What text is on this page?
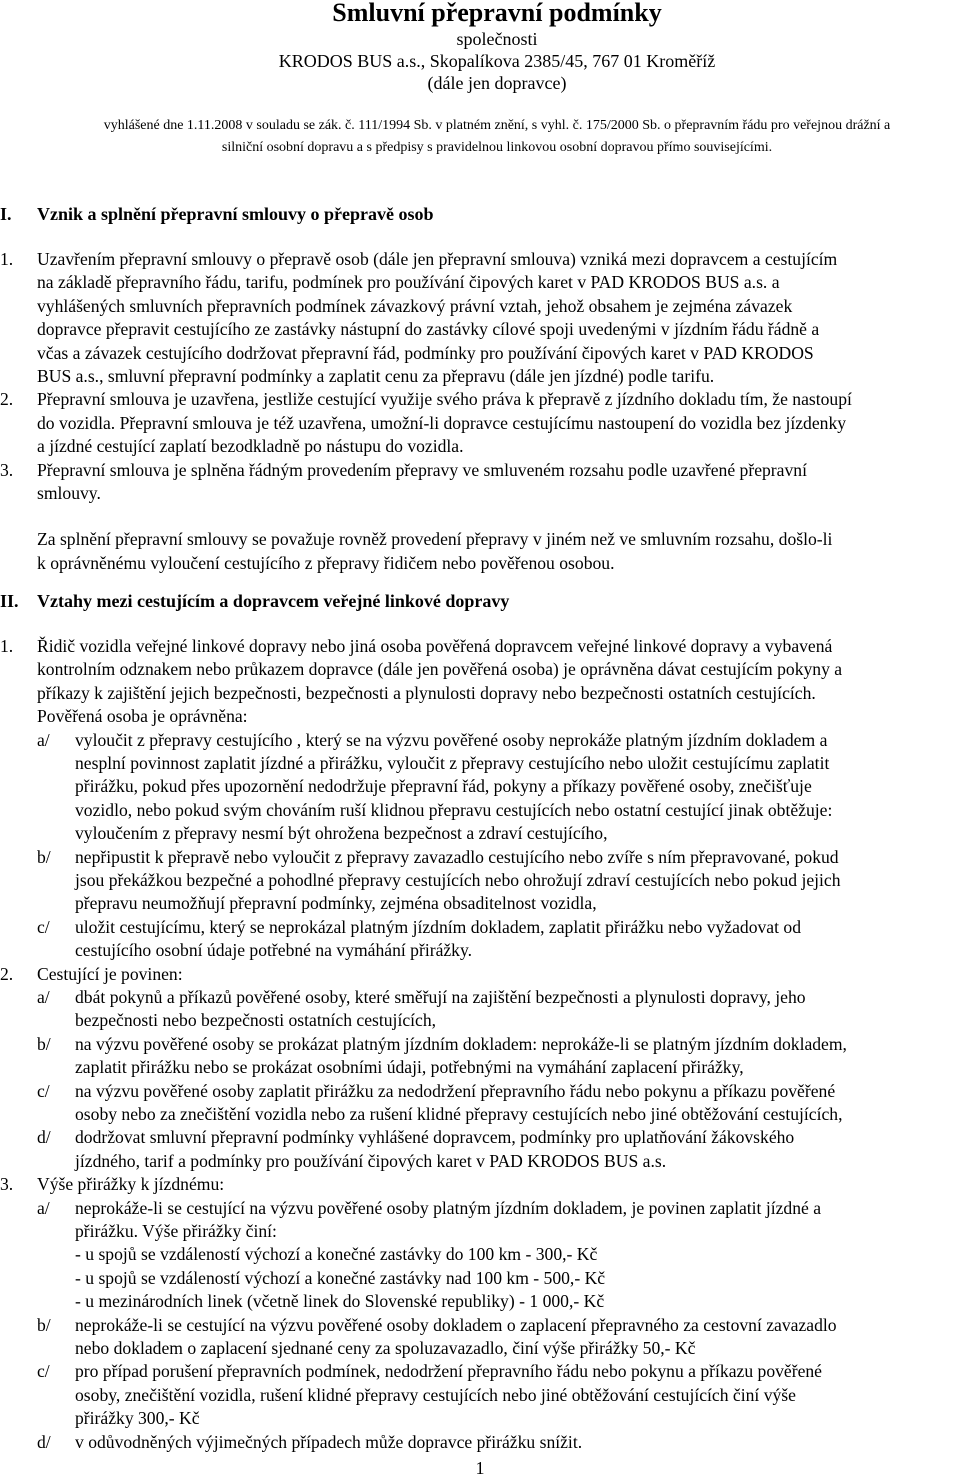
Smluvní přepravní podmínky
společnosti
KRODOS BUS a.s., Skopalíkova 2385/45, 767 01 Kroměříž
(dále jen dopravce)
vyhlášené dne 1.11.2008 v souladu se zák. č. 111/1994 Sb. v platném znění, s vyhl. č. 175/2000 Sb. o přepravním řádu pro veřejnou drážní a
silniční osobní dopravu a s předpisy s pravidelnou linkovou osobní dopravou přímo souvisejícími.
I. Vznik a splnění přepravní smlouvy o přepravě osob
1. Uzavřením přepravní smlouvy o přepravě osob (dále jen přepravní smlouva) vzniká mezi dopravcem a cestujícím
na základě přepravního řádu, tarifu, podmínek pro používání čipových karet v PAD KRODOS BUS a.s. a
vyhlášených smluvních přepravních podmínek závazkový právní vztah, jehož obsahem je zejména závazek
dopravce přepravit cestujícího ze zastávky nástupní do zastávky cílové spoji uvedenými v jízdním řádu řádně a
včas a závazek cestujícího dodržovat přepravní řád, podmínky pro používání čipových karet v PAD KRODOS
BUS a.s., smluvní přepravní podmínky a zaplatit cenu za přepravu (dále jen jízdné) podle tarifu.
2. Přepravní smlouva je uzavřena, jestliže cestující využije svého práva k přepravě z jízdního dokladu tím, že nastoupí
do vozidla. Přepravní smlouva je též uzavřena, umožní-li dopravce cestujícímu nastoupení do vozidla bez jízdenky
a jízdné cestující zaplatí bezodkladně po nástupu do vozidla.
3. Přepravní smlouva je splněna řádným provedením přepravy ve smluveném rozsahu podle uzavřené přepravní
smlouvy.
Za splnění přepravní smlouvy se považuje rovněž provedení přepravy v jiném než ve smluvním rozsahu, došlo-li
k oprávněnému vyloučení cestujícího z přepravy řidičem nebo pověřenou osobou.
II. Vztahy mezi cestujícím a dopravcem veřejné linkové dopravy
1. Řidič vozidla veřejné linkové dopravy nebo jiná osoba pověřená dopravcem veřejné linkové dopravy a vybavená
kontrolním odznakem nebo průkazem dopravce (dále jen pověřená osoba) je oprávněna dávat cestujícím pokyny a
příkazy k zajištění jejich bezpečnosti, bezpečnosti a plynulosti dopravy nebo bezpečnosti ostatních cestujících.
Pověřená osoba je oprávněna:
a/ vyloučit z přepravy cestujícího , který se na výzvu pověřené osoby neprokáže platným jízdním dokladem a
nesplní povinnost zaplatit jízdné a přirážku, vyloučit z přepravy cestujícího nebo uložit cestujícímu zaplatit
přirážku, pokud přes upozornění nedodržuje přepravní řád, pokyny a příkazy pověřené osoby, znečišťuje
vozidlo, nebo pokud svým chováním ruší klidnou přepravu cestujících nebo ostatní cestující jinak obtěžuje:
vyloučením z přepravy nesmí být ohrožena bezpečnost a zdraví cestujícího,
b/ nepřipustit k přepravě nebo vyloučit z přepravy zavazadlo cestujícího nebo zvíře s ním přepravované, pokud
jsou překážkou bezpečné a pohodlné přepravy cestujících nebo ohrožují zdraví cestujících nebo pokud jejich
přepravu neumožňují přepravní podmínky, zejména obsaditelnost vozidla,
c/ uložit cestujícímu, který se neprokázal platným jízdním dokladem, zaplatit přirážku nebo vyžadovat od
cestujícího osobní údaje potřebné na vymáhání přirážky.
2. Cestující je povinen:
a/ dbát pokynů a příkazů pověřené osoby, které směřují na zajištění bezpečnosti a plynulosti dopravy, jeho
bezpečnosti nebo bezpečnosti ostatních cestujících,
b/ na výzvu pověřené osoby se prokázat platným jízdním dokladem: neprokáže-li se platným jízdním dokladem,
zaplatit přirážku nebo se prokázat osobními údaji, potřebnými na vymáhání zaplacení přirážky,
c/ na výzvu pověřené osoby zaplatit přirážku za nedodržení přepravního řádu nebo pokynu a příkazu pověřené
osoby nebo za znečištění vozidla nebo za rušení klidné přepravy cestujících nebo jiné obtěžování cestujících,
d/ dodržovat smluvní přepravní podmínky vyhlášené dopravcem, podmínky pro uplatňování žákovského
jízdného, tarif a podmínky pro používání čipových karet v PAD KRODOS BUS a.s.
3. Výše přirážky k jízdnému:
a/ neprokáže-li se cestující na výzvu pověřené osoby platným jízdním dokladem, je povinen zaplatit jízdné a
přirážku. Výše přirážky činí:
- u spojů se vzdáleností výchozí a konečné zastávky do 100 km - 300,- Kč
- u spojů se vzdáleností výchozí a konečné zastávky nad 100 km - 500,- Kč
- u mezinárodních linek (včetně linek do Slovenské republiky) - 1 000,- Kč
b/ neprokáže-li se cestující na výzvu pověřené osoby dokladem o zaplacení přepravného za cestovní zavazadlo
nebo dokladem o zaplacení sjednané ceny za spoluzavazadlo, činí výše přirážky 50,- Kč
c/ pro případ porušení přepravních podmínek, nedodržení přepravního řádu nebo pokynu a příkazu pověřené
osoby, znečištění vozidla, rušení klidné přepravy cestujících nebo jiné obtěžování cestujících činí výše
přirážky 300,- Kč
d/ v odůvodněných výjimečných případech může dopravce přirážku snížit.
1
